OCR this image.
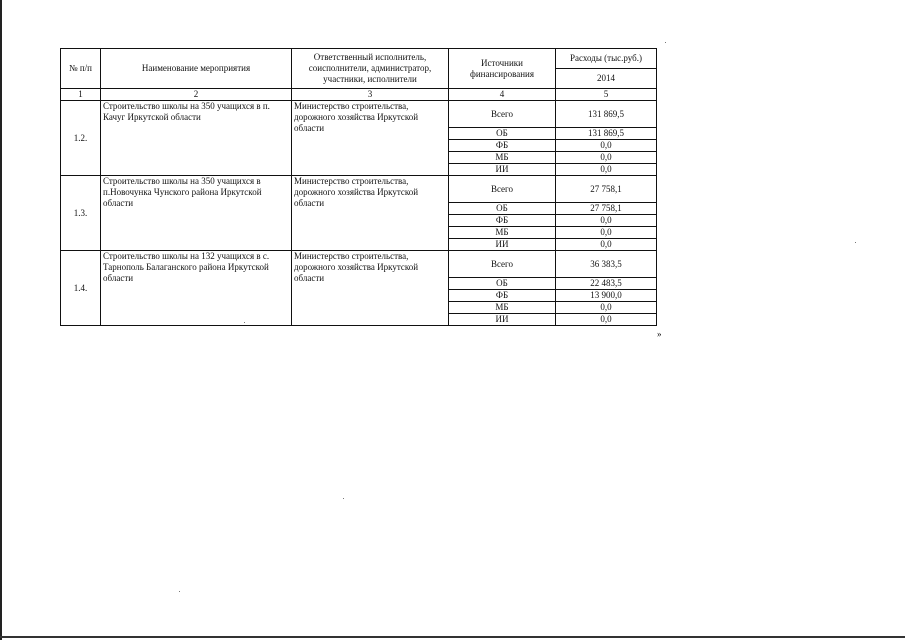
№ п/п	Наименование мероприятия	Ответственный исполнитель, соисполнители, администратор, участники, исполнители	Источники финансирования	Расходы (тыс.руб.)
				2014
1	2	3	4	5
1.2.	Строительство школы на 350 учащихся в п. Качуг Иркутской области	Министерство строительства, дорожного хозяйства Иркутской области	Всего	131 869,5
			ОБ	131 869,5
			ФБ	0,0
			МБ	0,0
			ИИ	0,0
1.3.	Строительство школы на 350 учащихся в п.Новочунка Чунского района Иркутской области	Министерство строительства, дорожного хозяйства Иркутской области	Всего	27 758,1
			ОБ	27 758,1
			ФБ	0,0
			МБ	0,0
			ИИ	0,0
1.4.	Строительство школы на 132 учащихся в с. Тарнополь Балаганского района Иркутской области	Министерство строительства, дорожного хозяйства Иркутской области	Всего	36 383,5
			ОБ	22 483,5
			ФБ	13 900,0
			МБ	0,0
			ИИ	0,0
»
